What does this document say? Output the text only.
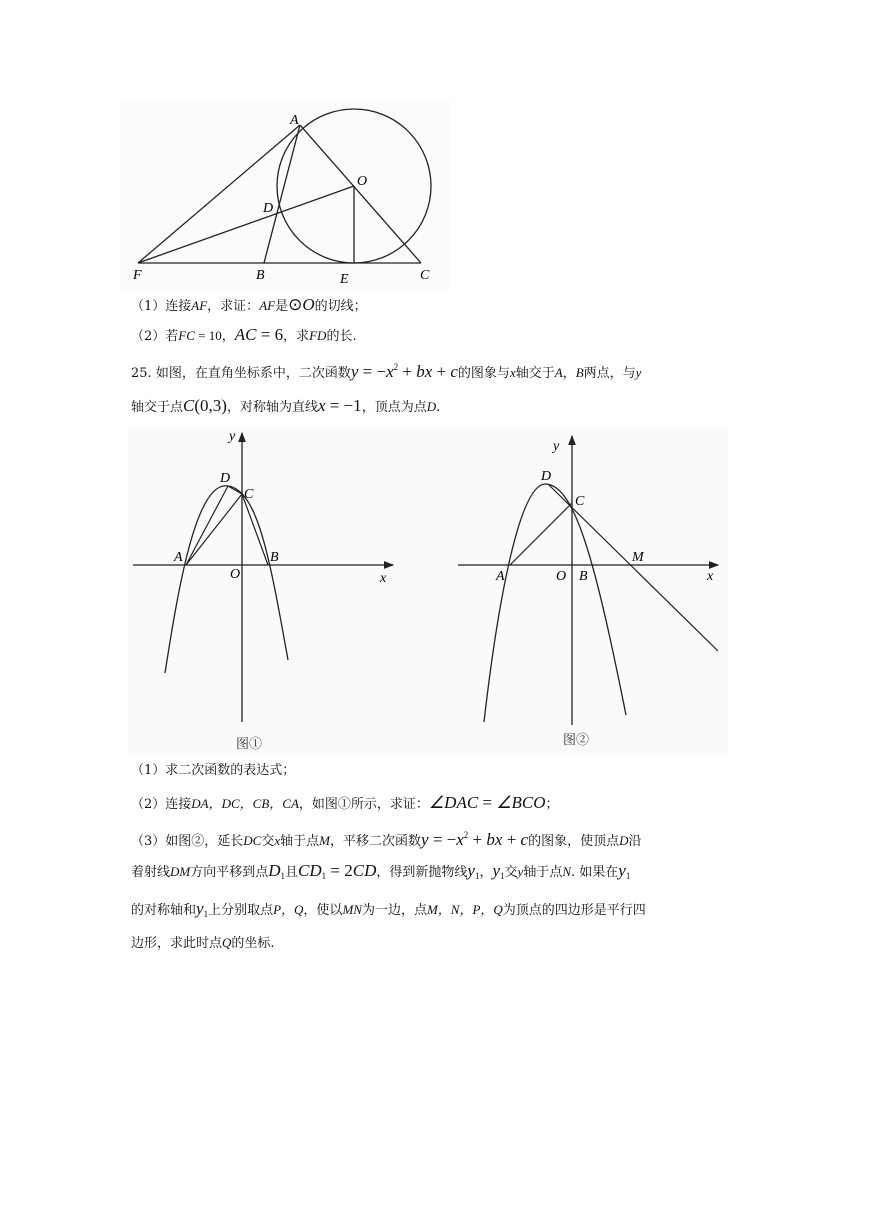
A
O
D
F	B	E	C
（1）连接AF，求证：AF是⊙O的切线；
（2）若FC = 10，AC = 6，求FD的长.
25. 如图，在直角坐标系中，二次函数$y = -x^2$ + bx + c的图象与x轴交于A，B两点，与y
轴交于点C(0,3)，对称轴为直线x = −1，顶点为点D.
y
D
C
A	B
O	x
图①
y
D
C
M
A	O B	x
图②
（1）求二次函数的表达式；
（2）连接DA，DC，CB，CA，如图①所示，求证：∠DAC = ∠BCO；
（3）如图②，延长DC交x轴于点M，平移二次函数$y = -x^2$ + bx + c的图象，使顶点D沿
着射线DM方向平移到点$D_1$且$CD_1 = 2CD$，得到新抛物线$y_1$，$y_1$交y轴于点N. 如果在$y_1$
的对称轴和$y_1$上分别取点P，Q，使以MN为一边，点M，N，P，Q为顶点的四边形是平行四
边形，求此时点Q的坐标.
